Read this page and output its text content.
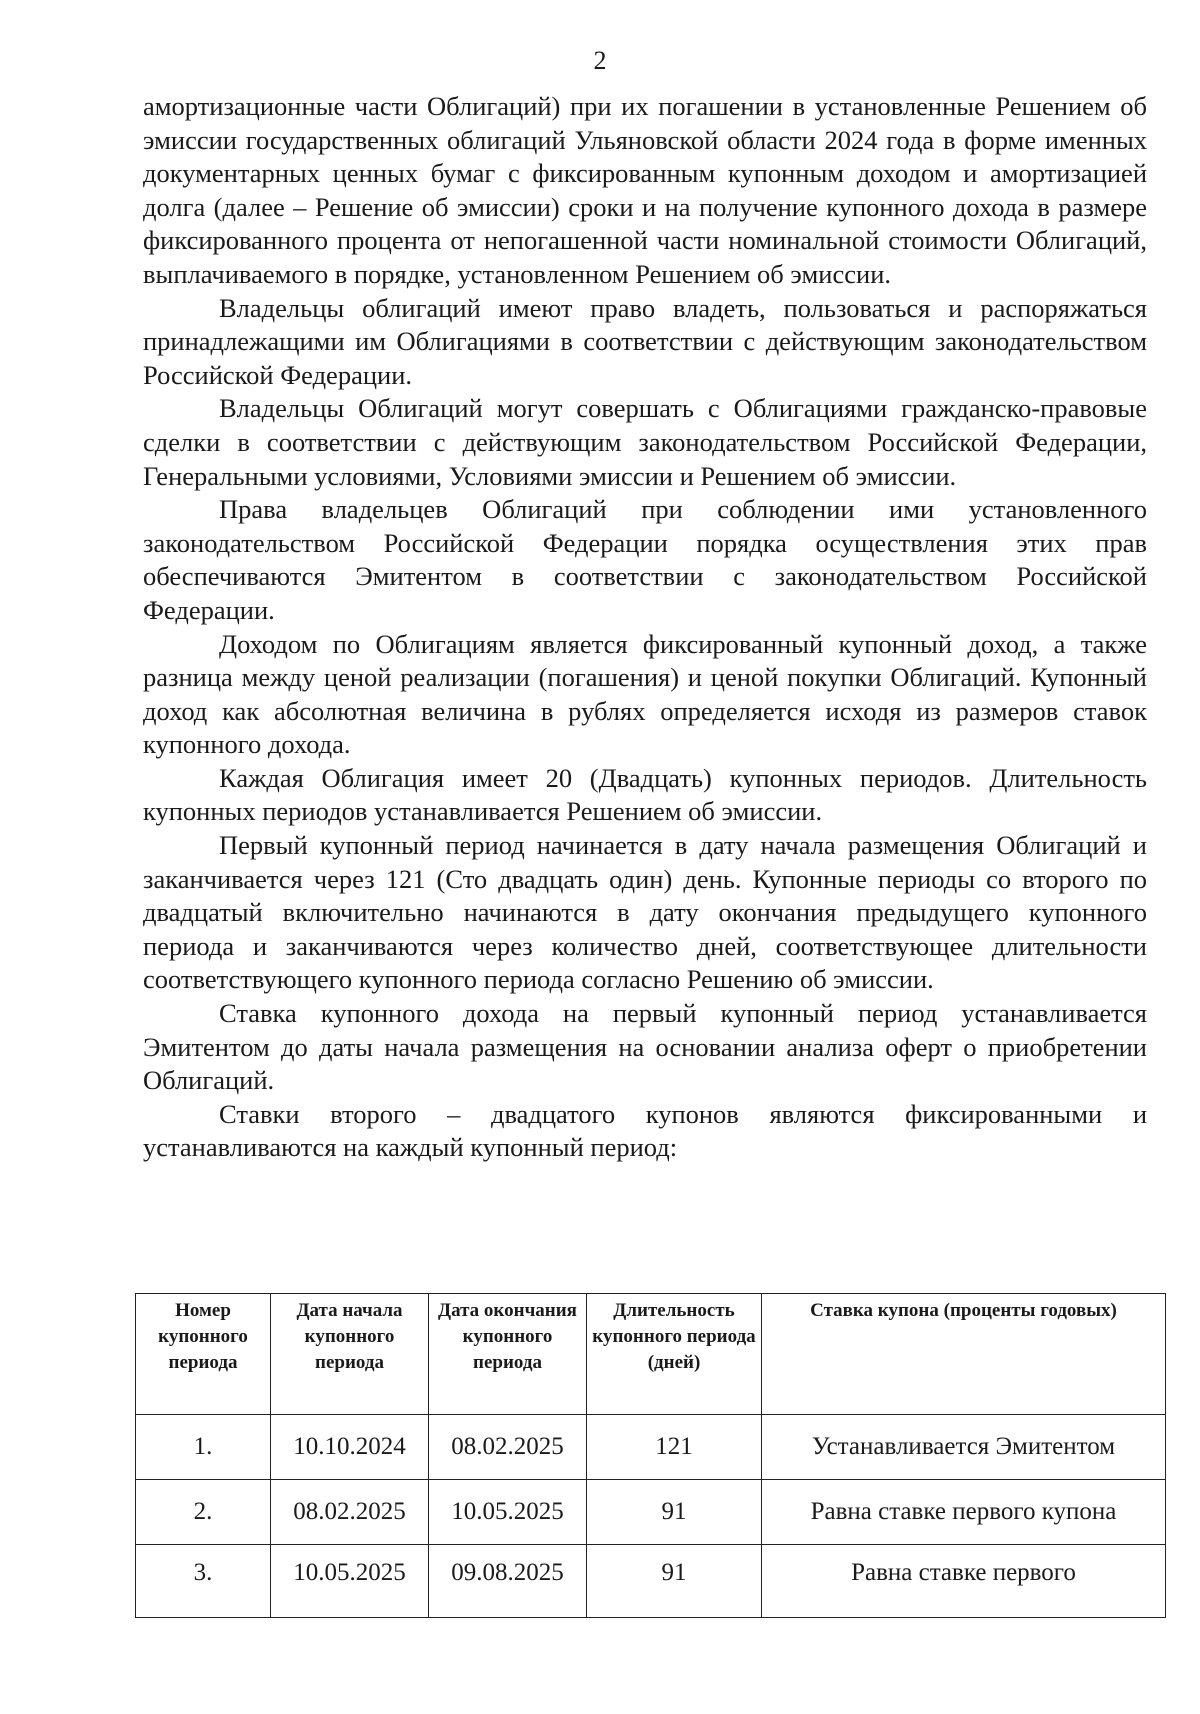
2

амортизационные части Облигаций) при их погашении в установленные Решением об эмиссии государственных облигаций Ульяновской области 2024 года в форме именных документарных ценных бумаг с фиксированным купонным доходом и амортизацией долга (далее – Решение об эмиссии) сроки и на получение купонного дохода в размере фиксированного процента от непогашенной части номинальной стоимости Облигаций, выплачиваемого в порядке, установленном Решением об эмиссии.

Владельцы облигаций имеют право владеть, пользоваться и распоряжаться принадлежащими им Облигациями в соответствии с действующим законодательством Российской Федерации.

Владельцы Облигаций могут совершать с Облигациями гражданско-правовые сделки в соответствии с действующим законодательством Российской Федерации, Генеральными условиями, Условиями эмиссии и Решением об эмиссии.

Права владельцев Облигаций при соблюдении ими установленного законодательством Российской Федерации порядка осуществления этих прав обеспечиваются Эмитентом в соответствии с законодательством Российской Федерации.

Доходом по Облигациям является фиксированный купонный доход, а также разница между ценой реализации (погашения) и ценой покупки Облигаций. Купонный доход как абсолютная величина в рублях определяется исходя из размеров ставок купонного дохода.

Каждая Облигация имеет 20 (Двадцать) купонных периодов. Длительность купонных периодов устанавливается Решением об эмиссии.

Первый купонный период начинается в дату начала размещения Облигаций и заканчивается через 121 (Сто двадцать один) день. Купонные периоды со второго по двадцатый включительно начинаются в дату окончания предыдущего купонного периода и заканчиваются через количество дней, соответствующее длительности соответствующего купонного периода согласно Решению об эмиссии.

Ставка купонного дохода на первый купонный период устанавливается Эмитентом до даты начала размещения на основании анализа оферт о приобретении Облигаций.

Ставки второго – двадцатого купонов являются фиксированными и устанавливаются на каждый купонный период:

Номер купонного периода	Дата начала купонного периода	Дата окончания купонного периода	Длительность купонного периода (дней)	Ставка купона (проценты годовых)
1.	10.10.2024	08.02.2025	121	Устанавливается Эмитентом
2.	08.02.2025	10.05.2025	91	Равна ставке первого купона
3.	10.05.2025	09.08.2025	91	Равна ставке первого
